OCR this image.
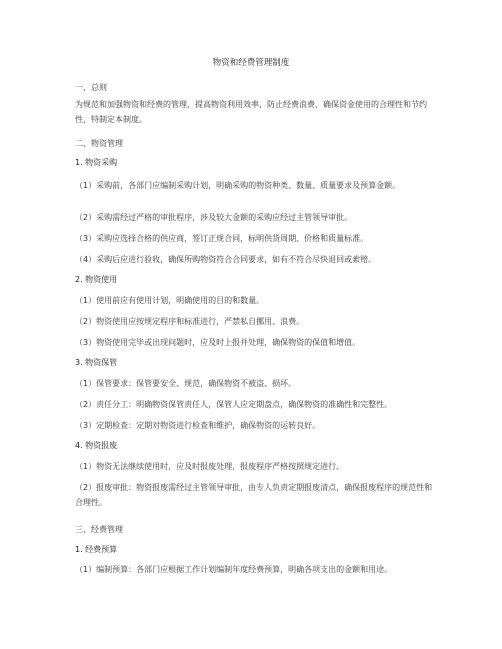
物资和经费管理制度
一、总则
为规范和加强物资和经费的管理，提高物资利用效率，防止经费浪费，确保资金使用的合理性和节约性，特制定本制度。
二、物资管理
1. 物资采购
（1）采购前，各部门应编制采购计划，明确采购的物资种类、数量、质量要求及预算金额。
（2）采购需经过严格的审批程序，涉及较大金额的采购应经过主管领导审批。
（3）采购应选择合格的供应商，签订正规合同，标明供货周期、价格和质量标准。
（4）采购后应进行验收，确保所购物资符合合同要求，如有不符合尽快退回或索赔。
2. 物资使用
（1）使用前应有使用计划，明确使用的目的和数量。
（2）物资使用应按规定程序和标准进行，严禁私自挪用、浪费。
（3）物资使用完毕或出现问题时，应及时上报并处理，确保物资的保值和增值。
3. 物资保管
（1）保管要求：保管要安全、规范，确保物资不被盗、损坏。
（2）责任分工：明确物资保管责任人，保管人应定期盘点，确保物资的准确性和完整性。
（3）定期检查：定期对物资进行检查和维护，确保物资的运转良好。
4. 物资报废
（1）物资无法继续使用时，应及时报废处理，报废程序严格按照规定进行。
（2）报废审批：物资报废需经过主管领导审批，由专人负责定期报废清点，确保报废程序的规范性和合理性。
三、经费管理
1. 经费预算
（1）编制预算：各部门应根据工作计划编制年度经费预算，明确各项支出的金额和用途。
